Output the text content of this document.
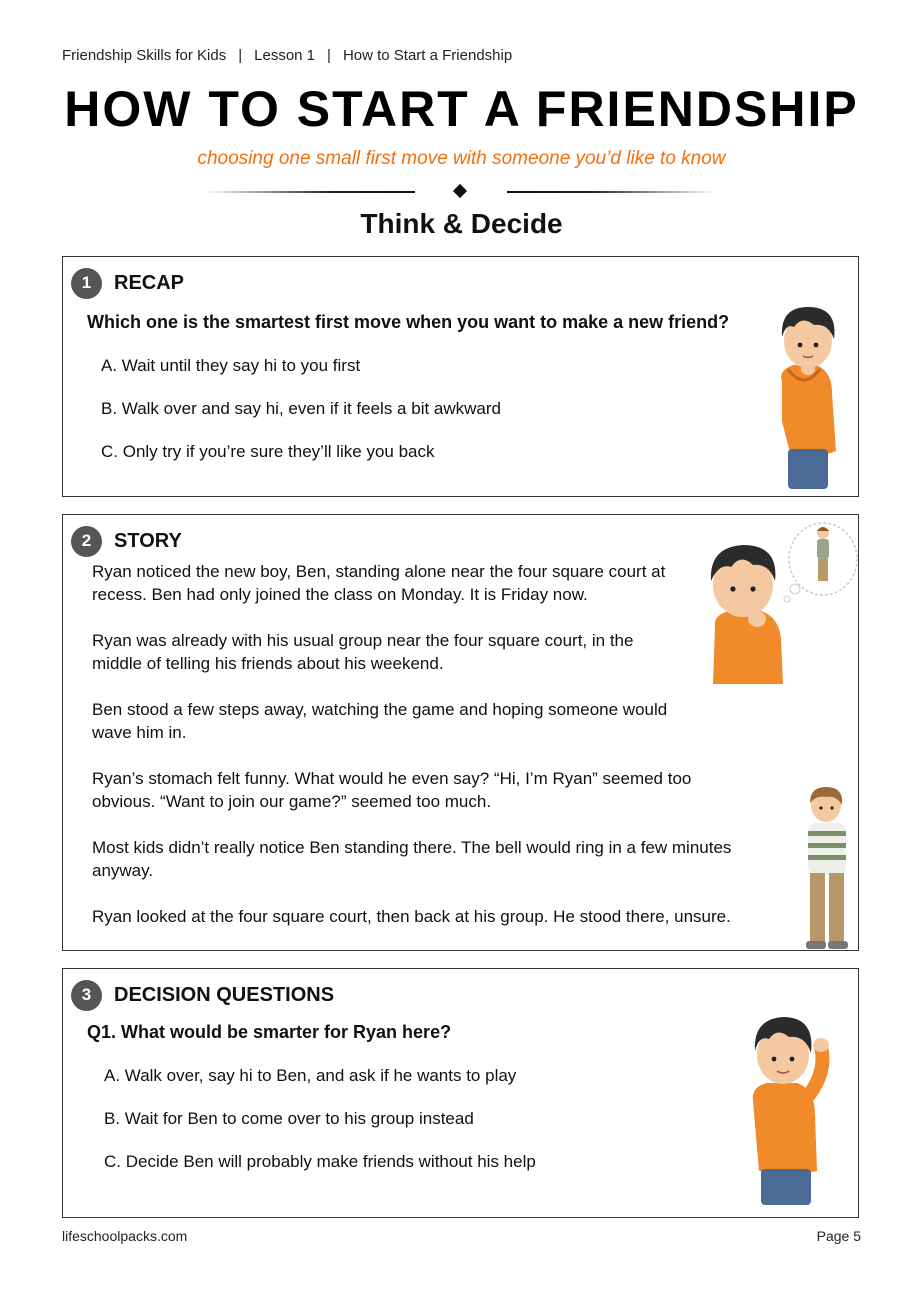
Friendship Skills for Kids | Lesson 1 | How to Start a Friendship
HOW TO START A FRIENDSHIP
choosing one small first move with someone you’d like to know
Think & Decide
1	RECAP
Which one is the smartest first move when you want to make a new friend?
A. Wait until they say hi to you first
B. Walk over and say hi, even if it feels a bit awkward
C. Only try if you’re sure they’ll like you back
2	STORY

Ryan noticed the new boy, Ben, standing alone near the four square court at recess. Ben had only joined the class on Monday. It is Friday now.

Ryan was already with his usual group near the four square court, in the middle of telling his friends about his weekend.

Ben stood a few steps away, watching the game and hoping someone would wave him in.

Ryan’s stomach felt funny. What would he even say? “Hi, I’m Ryan” seemed too obvious. “Want to join our game?” seemed too much.

Most kids didn’t really notice Ben standing there. The bell would ring in a few minutes anyway.

Ryan looked at the four square court, then back at his group. He stood there, unsure.

3	DECISION QUESTIONS
Q1. What would be smarter for Ryan here?
A. Walk over, say hi to Ben, and ask if he wants to play
B. Wait for Ben to come over to his group instead
C. Decide Ben will probably make friends without his help
lifeschoolpacks.com	Page 5
